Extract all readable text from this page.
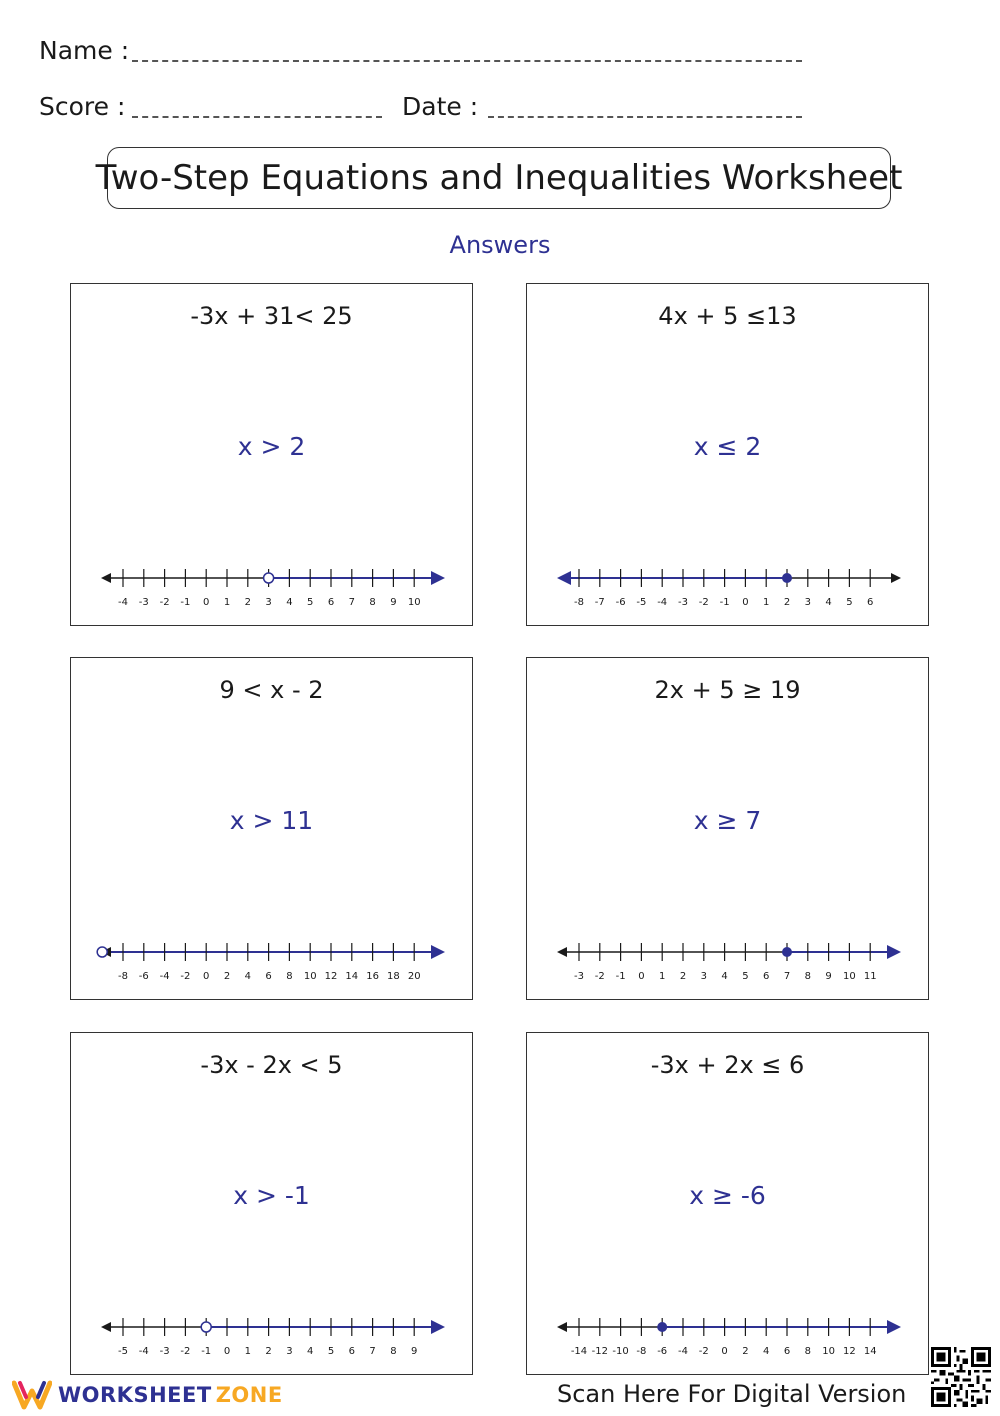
Name :
Score :	Date :
Two-Step Equations and Inequalities Worksheet
Answers
-3x + 31< 25
x > 2
-4 -3 -2 -1 0 1 2 3 4 5 6 7 8 9 10
4x + 5 ≤13
x ≤ 2
-8 -7 -6 -5 -4 -3 -2 -1 0 1 2 3 4 5 6
9 < x - 2
x > 11
-8 -6 -4 -2 0 2 4 6 8 10 12 14 16 18 20
2x + 5 ≥ 19
x ≥ 7
-3 -2 -1 0 1 2 3 4 5 6 7 8 9 10 11
-3x - 2x < 5
x > -1
-5 -4 -3 -2 -1 0 1 2 3 4 5 6 7 8 9
-3x + 2x ≤ 6
x ≥ -6
-14 -12 -10 -8 -6 -4 -2 0 2 4 6 8 10 12 14
WORKSHEET ZONE	Scan Here For Digital Version
